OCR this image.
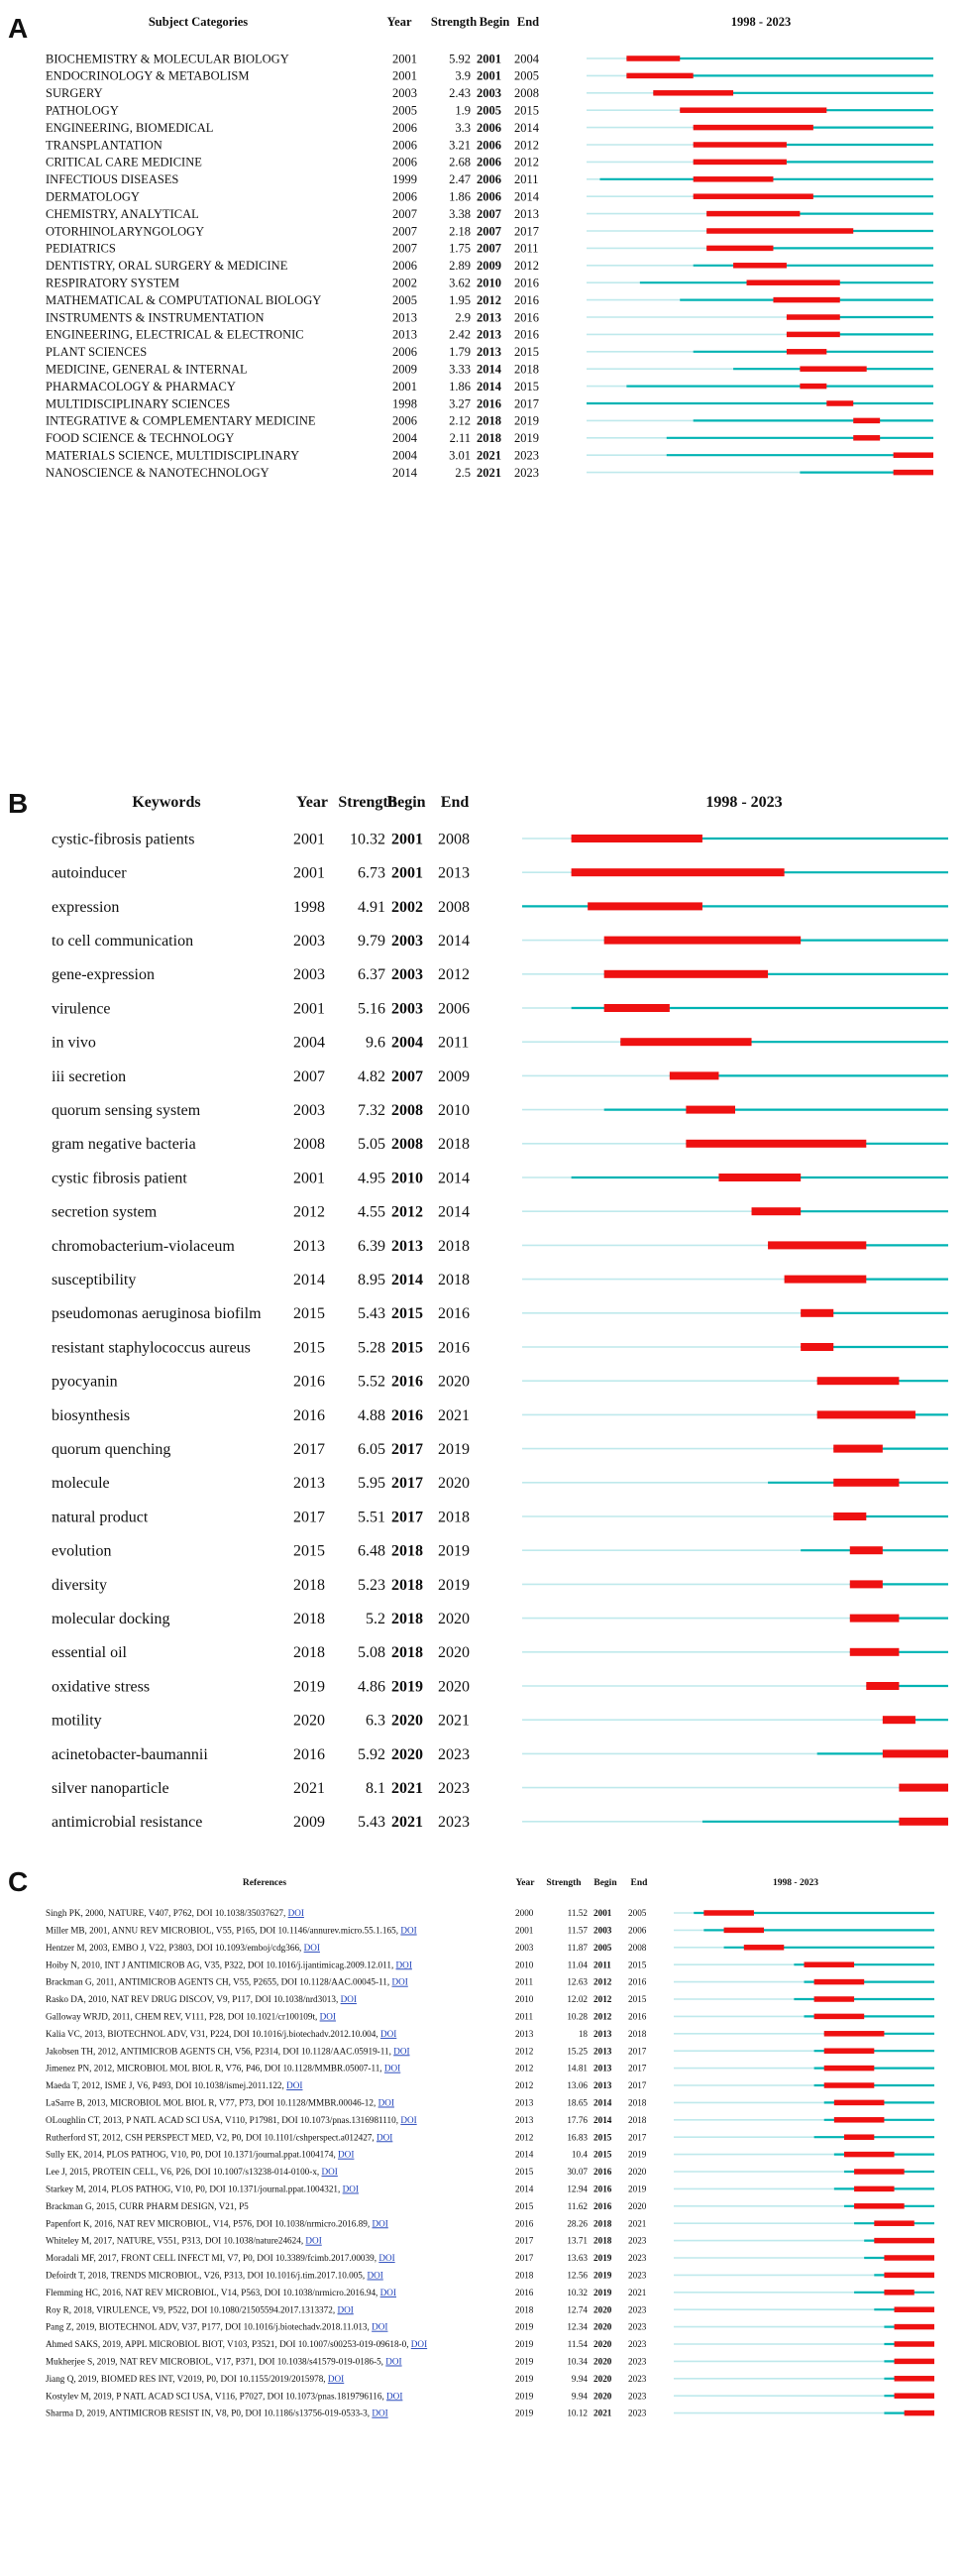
A	Subject Categories	Year Strength Begin End	1998 - 2023
BIOCHEMISTRY & MOLECULAR BIOLOGY	2001	5.92 2001 2004
ENDOCRINOLOGY & METABOLISM	2001	3.9 2001 2005
SURGERY	2003	2.43 2003 2008
PATHOLOGY	2005	1.9 2005 2015
ENGINEERING, BIOMEDICAL	2006	3.3 2006 2014
TRANSPLANTATION	2006	3.21 2006 2012
CRITICAL CARE MEDICINE	2006	2.68 2006 2012
INFECTIOUS DISEASES	1999	2.47 2006 2011
DERMATOLOGY	2006	1.86 2006 2014
CHEMISTRY, ANALYTICAL	2007	3.38 2007 2013
OTORHINOLARYNGOLOGY	2007	2.18 2007 2017
PEDIATRICS	2007	1.75 2007 2011
DENTISTRY, ORAL SURGERY & MEDICINE	2006	2.89 2009 2012
RESPIRATORY SYSTEM	2002	3.62 2010 2016
MATHEMATICAL & COMPUTATIONAL BIOLOGY	2005	1.95 2012 2016
INSTRUMENTS & INSTRUMENTATION	2013	2.9 2013 2016
ENGINEERING, ELECTRICAL & ELECTRONIC	2013	2.42 2013 2016
PLANT SCIENCES	2006	1.79 2013 2015
MEDICINE, GENERAL & INTERNAL	2009	3.33 2014 2018
PHARMACOLOGY & PHARMACY	2001	1.86 2014 2015
MULTIDISCIPLINARY SCIENCES	1998	3.27 2016 2017
INTEGRATIVE & COMPLEMENTARY MEDICINE	2006	2.12 2018 2019
FOOD SCIENCE & TECHNOLOGY	2004	2.11 2018 2019
MATERIALS SCIENCE, MULTIDISCIPLINARY	2004	3.01 2021 2023
NANOSCIENCE & NANOTECHNOLOGY	2014	2.5 2021 2023
B	Keywords	Year Strength
Begin End	1998 - 2023
cystic-fibrosis patients	2001 10.32 2001 2008
autoinducer	2001 6.73 2001 2013
expression	1998 4.91 2002 2008
to cell communication	2003 9.79 2003 2014
gene-expression	2003 6.37 2003 2012
virulence	2001 5.16 2003 2006
in vivo	2004	9.6 2004 2011
iii secretion	2007 4.82 2007 2009
quorum sensing system	2003 7.32 2008 2010
gram negative bacteria	2008 5.05 2008 2018
cystic fibrosis patient	2001 4.95 2010 2014
secretion system	2012 4.55 2012 2014
chromobacterium-violaceum	2013 6.39 2013 2018
susceptibility	2014 8.95 2014 2018
pseudomonas aeruginosa biofilm 2015 5.43 2015 2016
resistant staphylococcus aureus	2015 5.28 2015 2016
pyocyanin	2016 5.52 2016 2020
biosynthesis	2016 4.88 2016 2021
quorum quenching	2017 6.05 2017 2019
molecule	2013 5.95 2017 2020
natural product	2017 5.51 2017 2018
evolution	2015 6.48 2018 2019
diversity	2018 5.23 2018 2019
molecular docking	2018	5.2 2018 2020
essential oil	2018 5.08 2018 2020
oxidative stress	2019 4.86 2019 2020
motility	2020	6.3 2020 2021
acinetobacter-baumannii	2016 5.92 2020 2023
silver nanoparticle	2021	8.1 2021 2023
antimicrobial resistance	2009 5.43 2021 2023
C	References	Year Strength Begin End	1998 - 2023
Singh PK, 2000, NATURE, V407, P762, DOI 10.1038/35037627, DOI	2000	11.52 2001 2005
Miller MB, 2001, ANNU REV MICROBIOL, V55, P165, DOI 10.1146/annurev.micro.55.1.165, DOI	2001	11.57 2003 2006
Hentzer M, 2003, EMBO J, V22, P3803, DOI 10.1093/emboj/cdg366, DOI	2003	11.87 2005 2008
Hoiby N, 2010, INT J ANTIMICROB AG, V35, P322, DOI 10.1016/j.ijantimicag.2009.12.011, DOI	2010	11.04 2011 2015
Brackman G, 2011, ANTIMICROB AGENTS CH, V55, P2655, DOI 10.1128/AAC.00045-11, DOI	2011	12.63 2012 2016
Rasko DA, 2010, NAT REV DRUG DISCOV, V9, P117, DOI 10.1038/nrd3013, DOI	2010	12.02 2012 2015
Galloway WRJD, 2011, CHEM REV, V111, P28, DOI 10.1021/cr100109t, DOI	2011	10.28 2012 2016
Kalia VC, 2013, BIOTECHNOL ADV, V31, P224, DOI 10.1016/j.biotechadv.2012.10.004, DOI	2013	18 2013 2018
Jakobsen TH, 2012, ANTIMICROB AGENTS CH, V56, P2314, DOI 10.1128/AAC.05919-11, DOI	2012	15.25 2013 2017
Jimenez PN, 2012, MICROBIOL MOL BIOL R, V76, P46, DOI 10.1128/MMBR.05007-11, DOI	2012	14.81 2013 2017
Maeda T, 2012, ISME J, V6, P493, DOI 10.1038/ismej.2011.122, DOI	2012	13.06 2013 2017
LaSarre B, 2013, MICROBIOL MOL BIOL R, V77, P73, DOI 10.1128/MMBR.00046-12, DOI	2013	18.65 2014 2018
OLoughlin CT, 2013, P NATL ACAD SCI USA, V110, P17981, DOI 10.1073/pnas.1316981110, DOI	2013	17.76 2014 2018
Rutherford ST, 2012, CSH PERSPECT MED, V2, P0, DOI 10.1101/cshperspect.a012427, DOI	2012	16.83 2015 2017
Sully EK, 2014, PLOS PATHOG, V10, P0, DOI 10.1371/journal.ppat.1004174, DOI	2014	10.4 2015 2019
Lee J, 2015, PROTEIN CELL, V6, P26, DOI 10.1007/s13238-014-0100-x, DOI	2015	30.07 2016 2020
Starkey M, 2014, PLOS PATHOG, V10, P0, DOI 10.1371/journal.ppat.1004321, DOI	2014	12.94 2016 2019
Brackman G, 2015, CURR PHARM DESIGN, V21, P5	2015	11.62 2016 2020
Papenfort K, 2016, NAT REV MICROBIOL, V14, P576, DOI 10.1038/nrmicro.2016.89, DOI	2016	28.26 2018 2021
Whiteley M, 2017, NATURE, V551, P313, DOI 10.1038/nature24624, DOI	2017	13.71 2018 2023
Moradali MF, 2017, FRONT CELL INFECT MI, V7, P0, DOI 10.3389/fcimb.2017.00039, DOI	2017	13.63 2019 2023
Defoirdt T, 2018, TRENDS MICROBIOL, V26, P313, DOI 10.1016/j.tim.2017.10.005, DOI	2018	12.56 2019 2023
Flemming HC, 2016, NAT REV MICROBIOL, V14, P563, DOI 10.1038/nrmicro.2016.94, DOI	2016	10.32 2019 2021
Roy R, 2018, VIRULENCE, V9, P522, DOI 10.1080/21505594.2017.1313372, DOI	2018	12.74 2020 2023
Pang Z, 2019, BIOTECHNOL ADV, V37, P177, DOI 10.1016/j.biotechadv.2018.11.013, DOI	2019	12.34 2020 2023
Ahmed SAKS, 2019, APPL MICROBIOL BIOT, V103, P3521, DOI 10.1007/s00253-019-09618-0, DOI	2019	11.54 2020 2023
Mukherjee S, 2019, NAT REV MICROBIOL, V17, P371, DOI 10.1038/s41579-019-0186-5, DOI	2019	10.34 2020 2023
Jiang Q, 2019, BIOMED RES INT, V2019, P0, DOI 10.1155/2019/2015978, DOI	2019	9.94 2020 2023
Kostylev M, 2019, P NATL ACAD SCI USA, V116, P7027, DOI 10.1073/pnas.1819796116, DOI	2019	9.94 2020 2023
Sharma D, 2019, ANTIMICROB RESIST IN, V8, P0, DOI 10.1186/s13756-019-0533-3, DOI	2019	10.12 2021 2023
